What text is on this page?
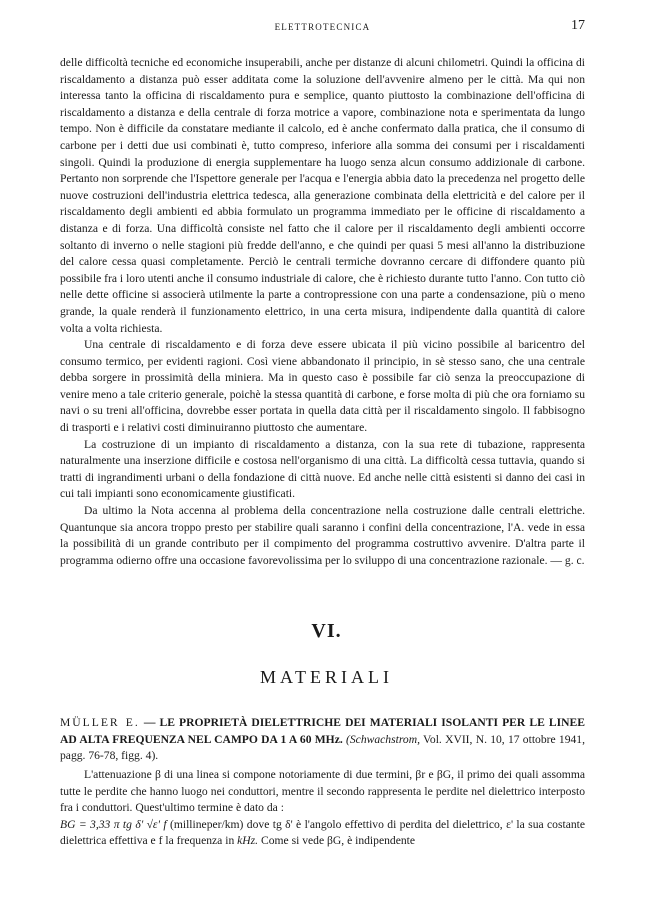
ELETTROTECNICA	17

delle difficoltà tecniche ed economiche insuperabili, anche per distanze di alcuni chilometri. Quindi la officina di riscaldamento a distanza può esser additata come la soluzione dell'avvenire almeno per le città. Ma qui non interessa tanto la officina di riscaldamento pura e semplice, quanto piuttosto la combinazione dell'officina di riscaldamento a distanza e della centrale di forza motrice a vapore, combinazione nota e sperimentata da lungo tempo. Non è difficile da constatare mediante il calcolo, ed è anche confermato dalla pratica, che il consumo di carbone per i detti due usi combinati è, tutto compreso, inferiore alla somma dei consumi per i riscaldamenti singoli. Quindi la produzione di energia supplementare ha luogo senza alcun consumo addizionale di carbone. Pertanto non sorprende che l'Ispettore generale per l'acqua e l'energia abbia dato la precedenza nel progetto delle nuove costruzioni dell'industria elettrica tedesca, alla generazione combinata della elettricità e del calore per il riscaldamento degli ambienti ed abbia formulato un programma immediato per le officine di riscaldamento a distanza e di forza. Una difficoltà consiste nel fatto che il calore per il riscaldamento degli ambienti occorre soltanto di inverno o nelle stagioni più fredde dell'anno, e che quindi per quasi 5 mesi all'anno la distribuzione del calore cessa quasi completamente. Perciò le centrali termiche dovranno cercare di diffondere quanto più possibile fra i loro utenti anche il consumo industriale di calore, che è richiesto durante tutto l'anno. Con tutto ciò nelle dette officine si associerà utilmente la parte a contropressione con una parte a condensazione, più o meno grande, la quale renderà il funzionamento elettrico, in una certa misura, indipendente dalla quantità di calore volta a volta richiesta.

Una centrale di riscaldamento e di forza deve essere ubicata il più vicino possibile al baricentro del consumo termico, per evidenti ragioni. Così viene abbandonato il principio, in sè stesso sano, che una centrale debba sorgere in prossimità della miniera. Ma in questo caso è possibile far ciò senza la preoccupazione di venire meno a tale criterio generale, poichè la stessa quantità di carbone, e forse molta di più che ora forniamo su navi o su treni all'officina, dovrebbe esser portata in quella data città per il riscaldamento singolo. Il fabbisogno di trasporti e i relativi costi diminuiranno piuttosto che aumentare.

La costruzione di un impianto di riscaldamento a distanza, con la sua rete di tubazione, rappresenta naturalmente una inserzione difficile e costosa nell'organismo di una città. La difficoltà cessa tuttavia, quando si tratti di ingrandimenti urbani o della fondazione di città nuove. Ed anche nelle città esistenti si danno dei casi in cui tali impianti sono economicamente giustificati.

Da ultimo la Nota accenna al problema della concentrazione nella costruzione dalle centrali elettriche. Quantunque sia ancora troppo presto per stabilire quali saranno i confini della concentrazione, l'A. vede in essa la possibilità di un grande contributo per il compimento del programma costruttivo avvenire. D'altra parte il programma odierno offre una occasione favorevolissima per lo sviluppo di una concentrazione razionale. — g. c.

VI.
MATERIALI
MÜLLER E. — LE PROPRIETÀ DIELETTRICHE DEI MATERIALI ISOLANTI PER LE LINEE AD ALTA FREQUENZA NEL CAMPO DA 1 A 60 MHz. (Schwachstrom, Vol. XVII, N. 10, 17 ottobre 1941, pagg. 76-78, figg. 4).

L'attenuazione β di una linea si compone notoriamente di due termini, βr e βG, il primo dei quali assomma tutte le perdite che hanno luogo nei conduttori, mentre il secondo rappresenta le perdite nel dielettrico interposto fra i conduttori. Quest'ultimo termine è dato da :

BG = 3,33 π tg δ' √ε' f (millineper/km) dove tg δ' è l'angolo effettivo di perdita del dielettrico, ε' la sua costante dielettrica effettiva e f la frequenza in kHz. Come si vede βG, è indipendente
